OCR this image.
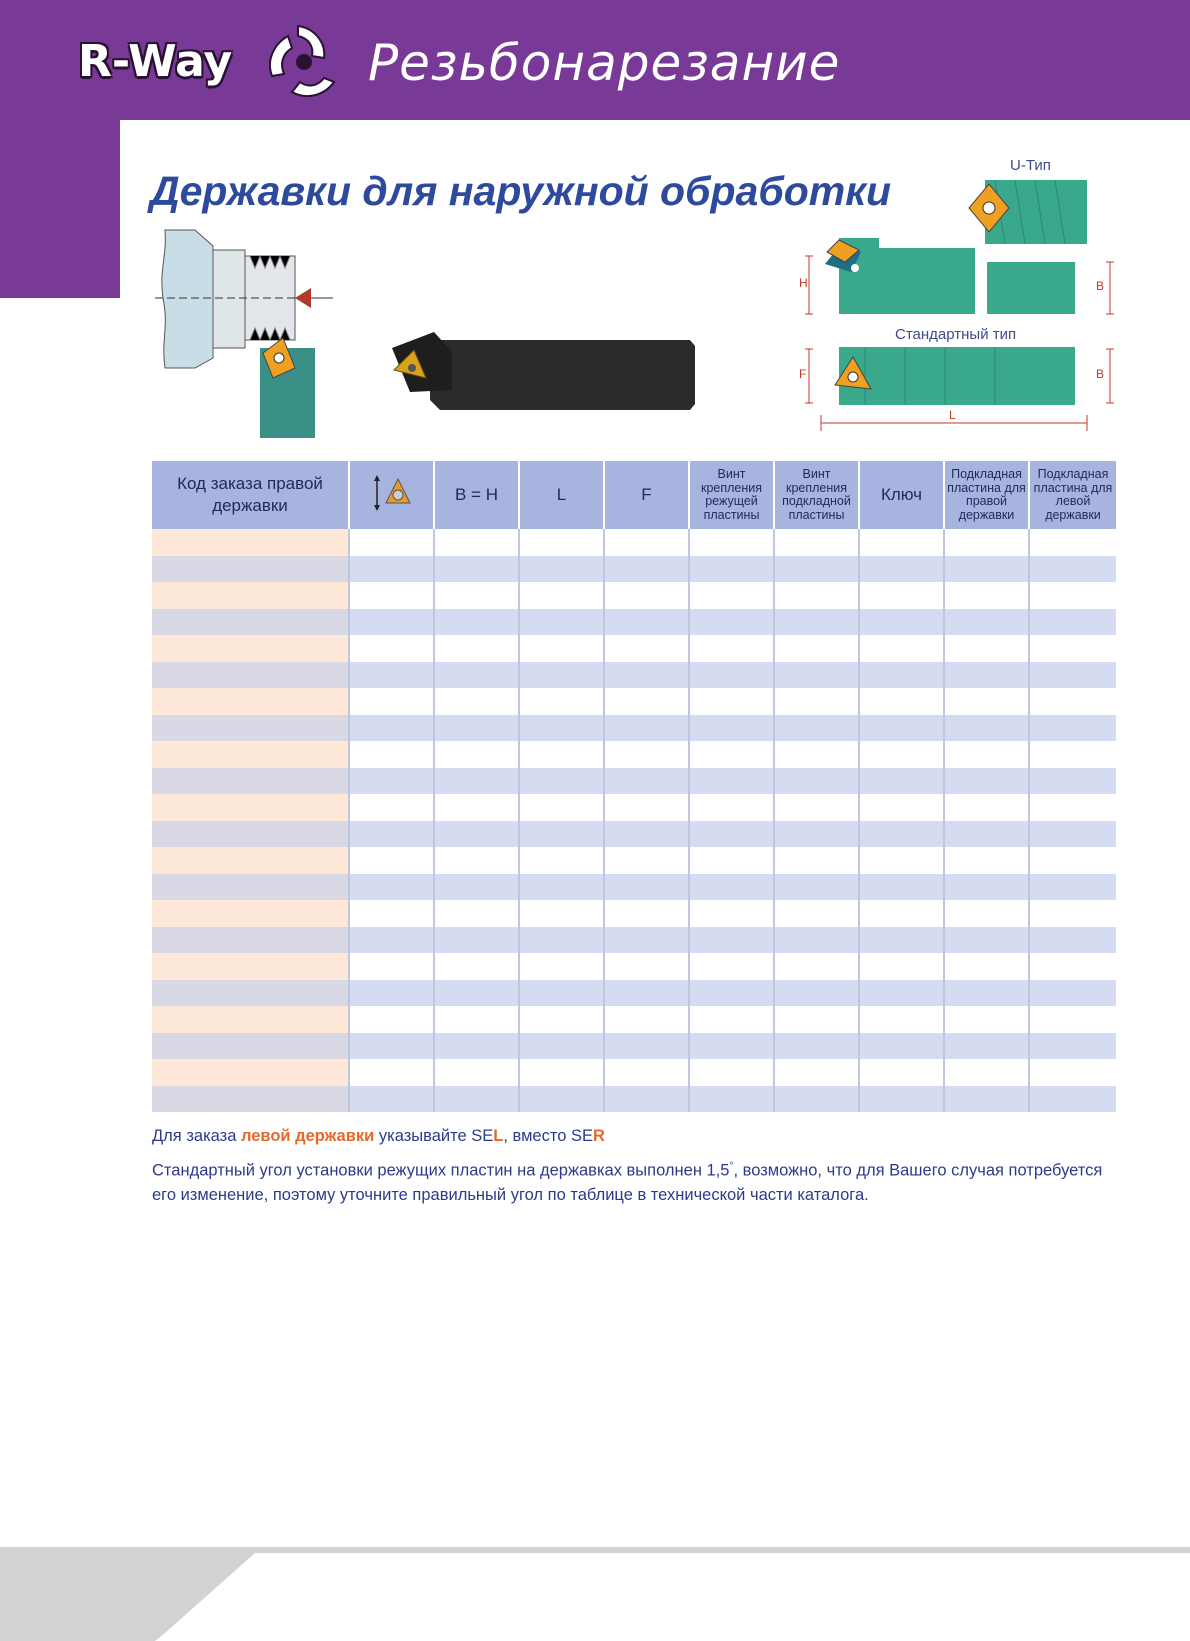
R-Way	Резьбонарезание
Державки для наружной обработки
U-Тип
H	B
Стандартный тип
F	B
L
Код заказа правой державки		B = H	L	F	Винт крепления режущей пластины	Винт крепления подкладной пластины	Ключ	Подкладная пластина для правой державки	Подкладная пластина для левой державки

Для заказа левой державки указывайте SEL, вместо SER
Стандартный угол установки режущих пластин на державках выполнен 1,5°, возможно, что для Вашего случая потребуется его изменение, поэтому уточните правильный угол по таблице в технической части каталога.
